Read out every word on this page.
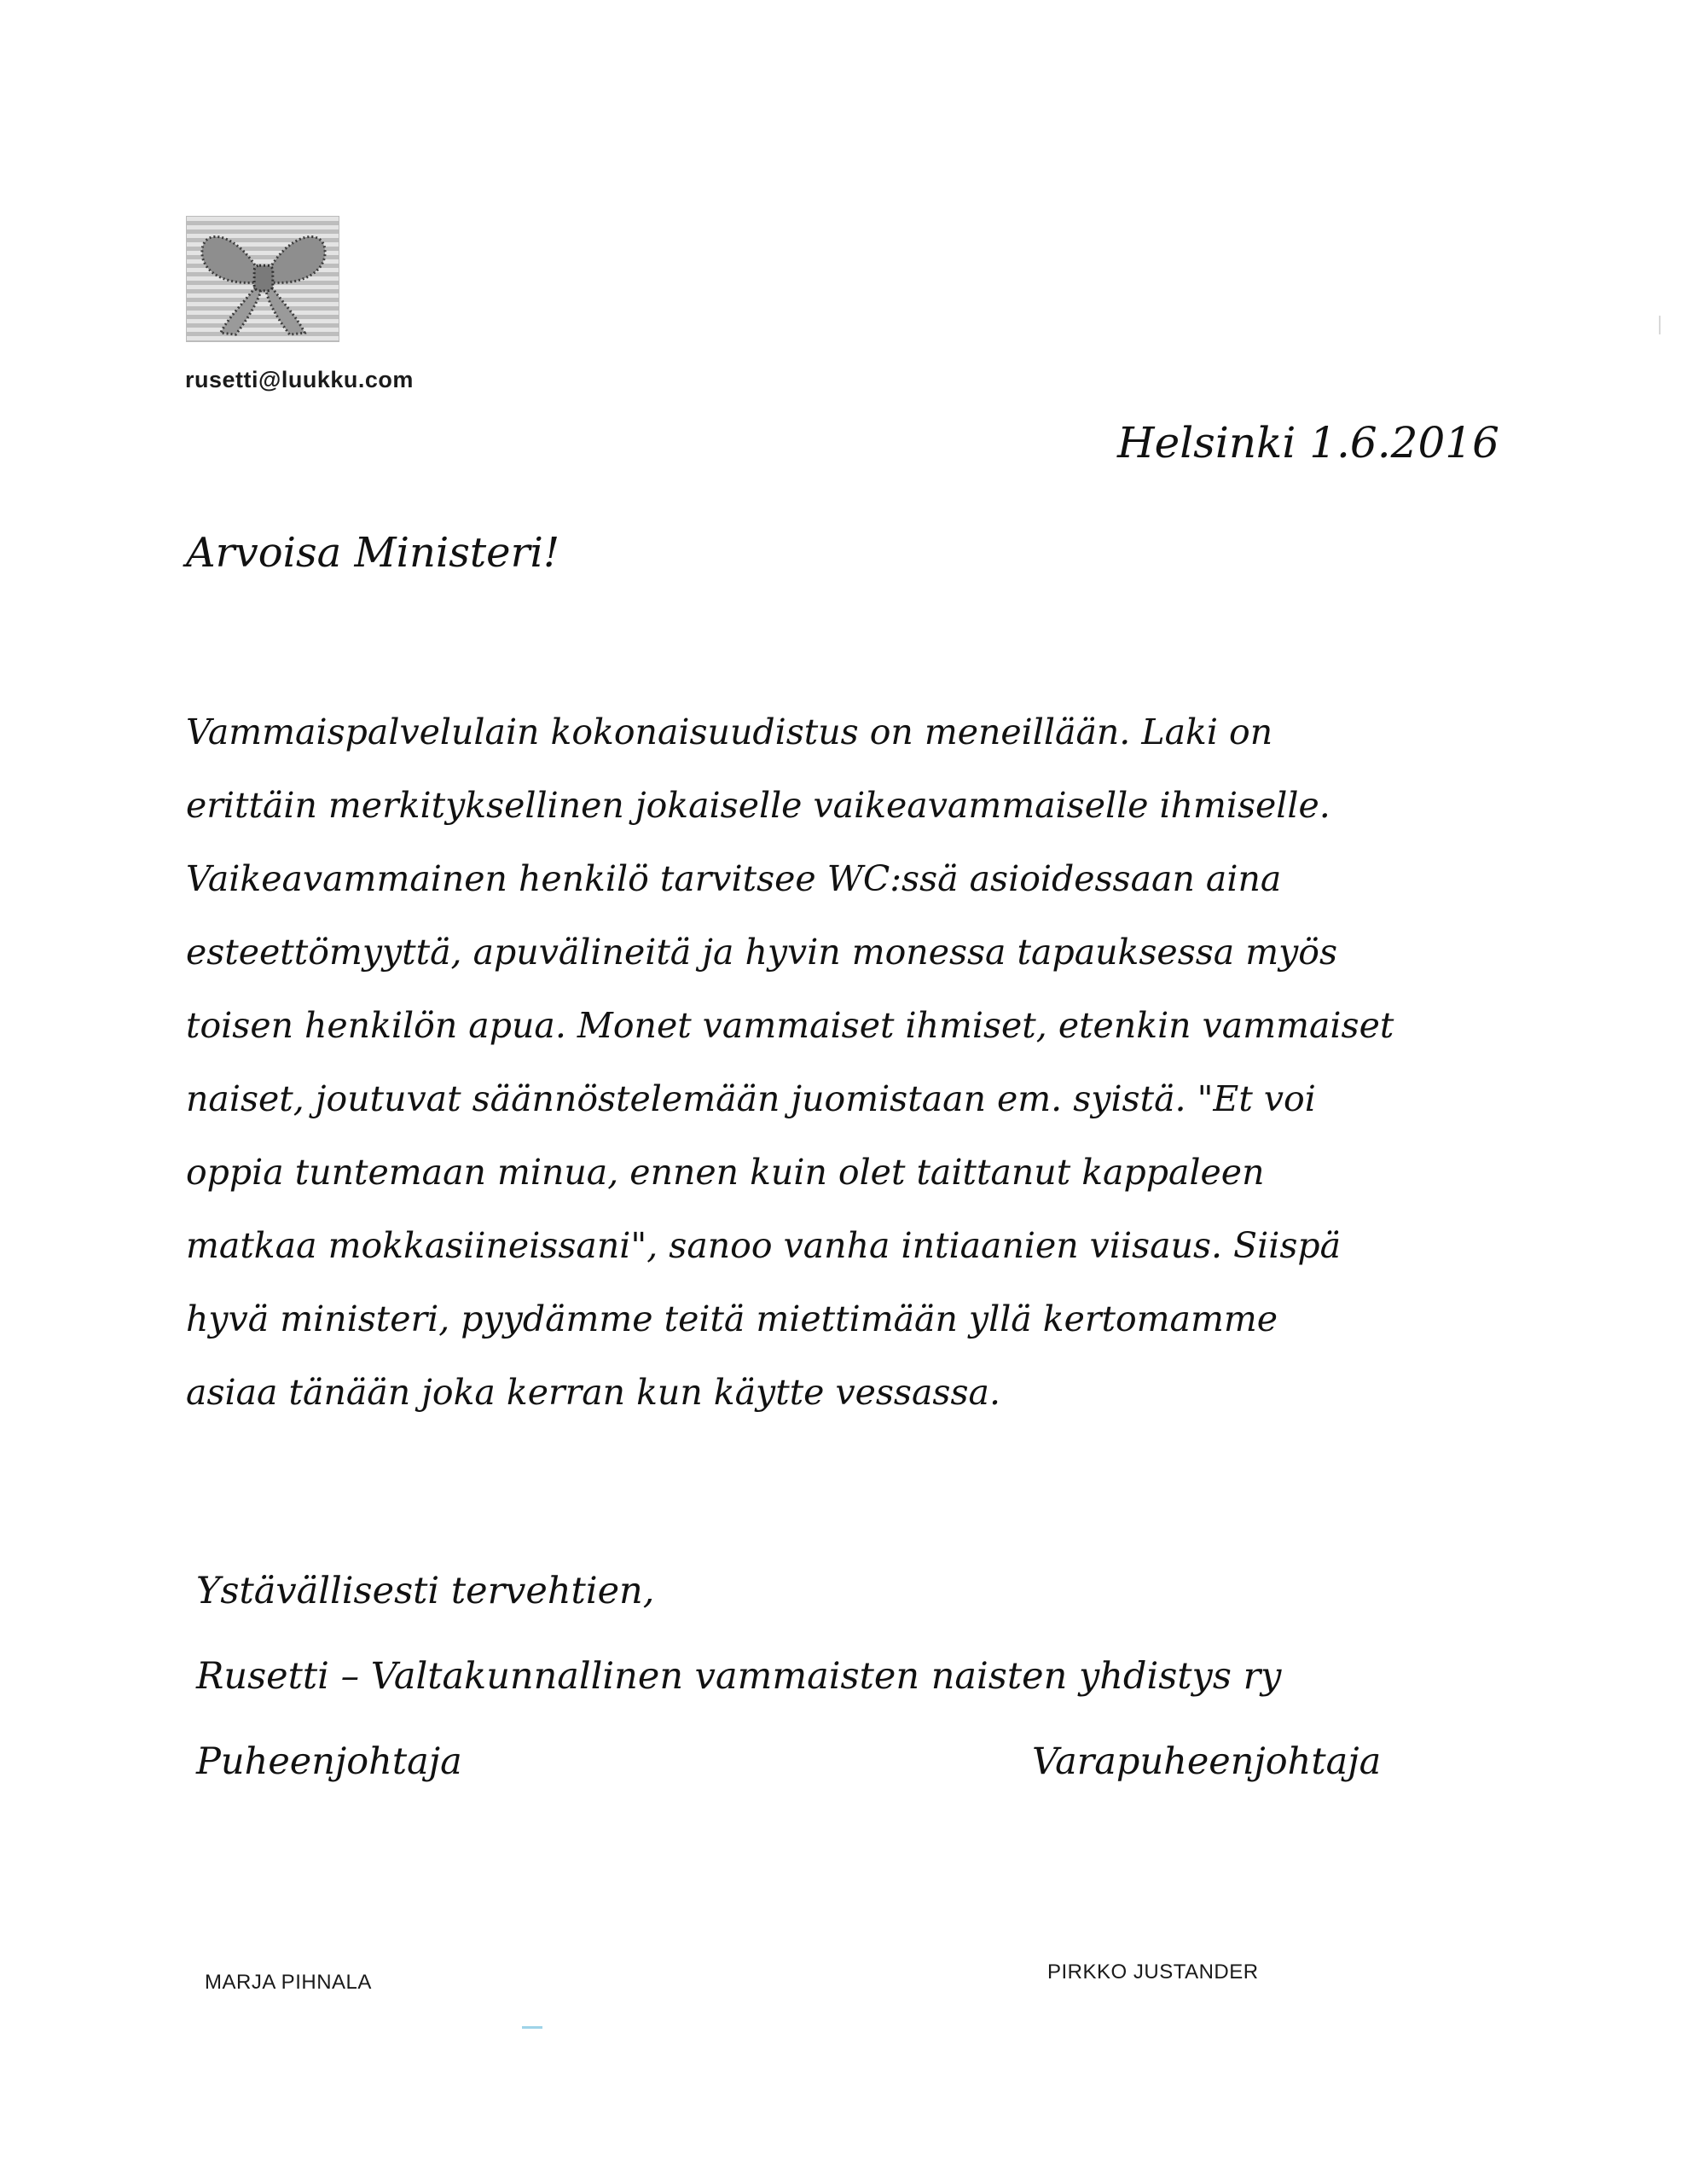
rusetti@luukku.com
Helsinki 1.6.2016
Arvoisa Ministeri!
Vammaispalvelulain kokonaisuudistus on meneillään. Laki on
erittäin merkityksellinen jokaiselle vaikeavammaiselle ihmiselle.
Vaikeavammainen henkilö tarvitsee WC:ssä asioidessaan aina
esteettömyyttä, apuvälineitä ja hyvin monessa tapauksessa myös
toisen henkilön apua. Monet vammaiset ihmiset, etenkin vammaiset
naiset, joutuvat säännöstelemään juomistaan em. syistä. "Et voi
oppia tuntemaan minua, ennen kuin olet taittanut kappaleen
matkaa mokkasiineissani", sanoo vanha intiaanien viisaus. Siispä
hyvä ministeri, pyydämme teitä miettimään yllä kertomamme
asiaa tänään joka kerran kun käytte vessassa.
Ystävällisesti tervehtien,
Rusetti – Valtakunnallinen vammaisten naisten yhdistys ry
Puheenjohtaja	Varapuheenjohtaja
MARJA PIHNALA	PIRKKO JUSTANDER
